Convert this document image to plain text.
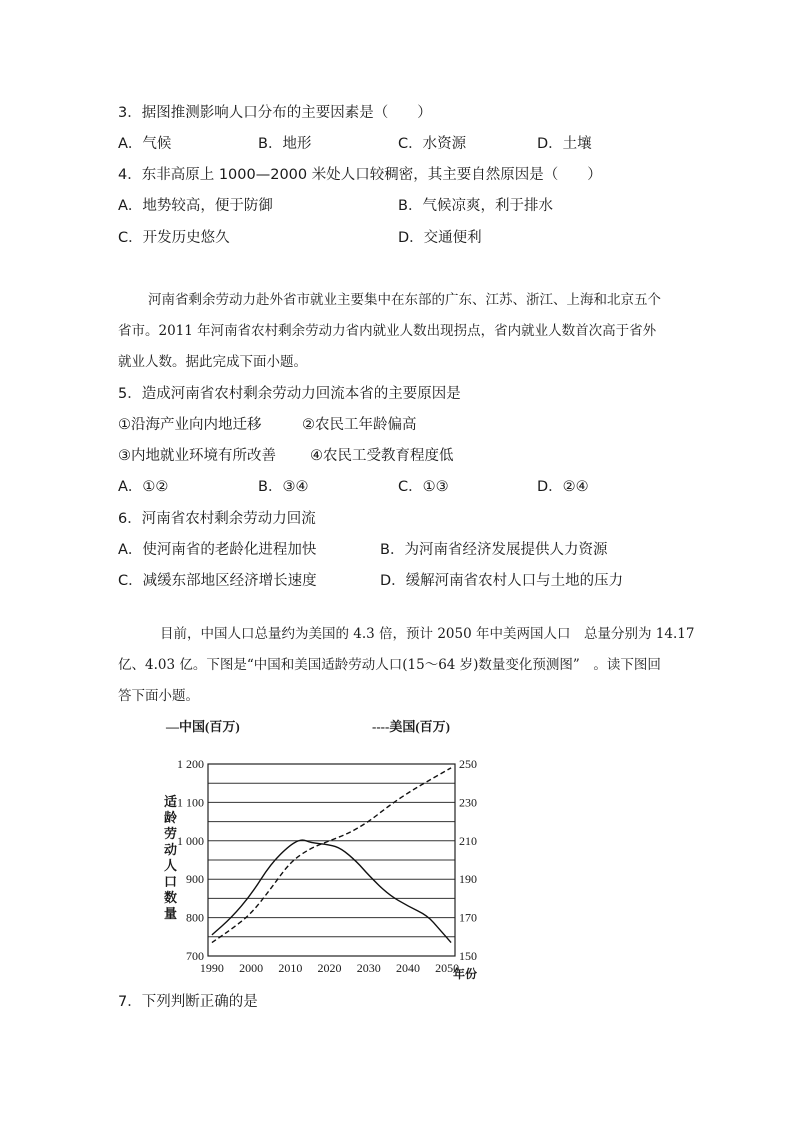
3．据图推测影响人口分布的主要因素是（　　）
A．气候	B．地形	C．水资源	D．土壤
4．东非高原上 1000—2000 米处人口较稠密，其主要自然原因是（　　）
A．地势较高，便于防御	B．气候凉爽，利于排水
C．开发历史悠久	D．交通便利
河南省剩余劳动力赴外省市就业主要集中在东部的广东、江苏、浙江、上海和北京五个
省市。2011 年河南省农村剩余劳动力省内就业人数出现拐点，省内就业人数首次高于省外
就业人数。据此完成下面小题。
5．造成河南省农村剩余劳动力回流本省的主要原因是
①沿海产业向内地迁移	②农民工年龄偏高
③内地就业环境有所改善 ④农民工受教育程度低
A．①②	B．③④	C．①③	D．②④
6．河南省农村剩余劳动力回流
A．使河南省的老龄化进程加快	B．为河南省经济发展提供人力资源
C．减缓东部地区经济增长速度	D．缓解河南省农村人口与土地的压力
目前，中国人口总量约为美国的 4.3 倍，预计 2050 年中美两国人口　总量分别为 14.17
亿、4.03 亿。下图是“中国和美国适龄劳动人口(15～64 岁)数量变化预测图”　。读下图回
答下面小题。
—中国(百万)	----美国(百万)
700
800
900
1 000
1 100
1 200
150
170
190
210
230
250
1990 2000 2010 2020 2030 2040 2050
适龄劳动人口数量
年份
7．下列判断正确的是
